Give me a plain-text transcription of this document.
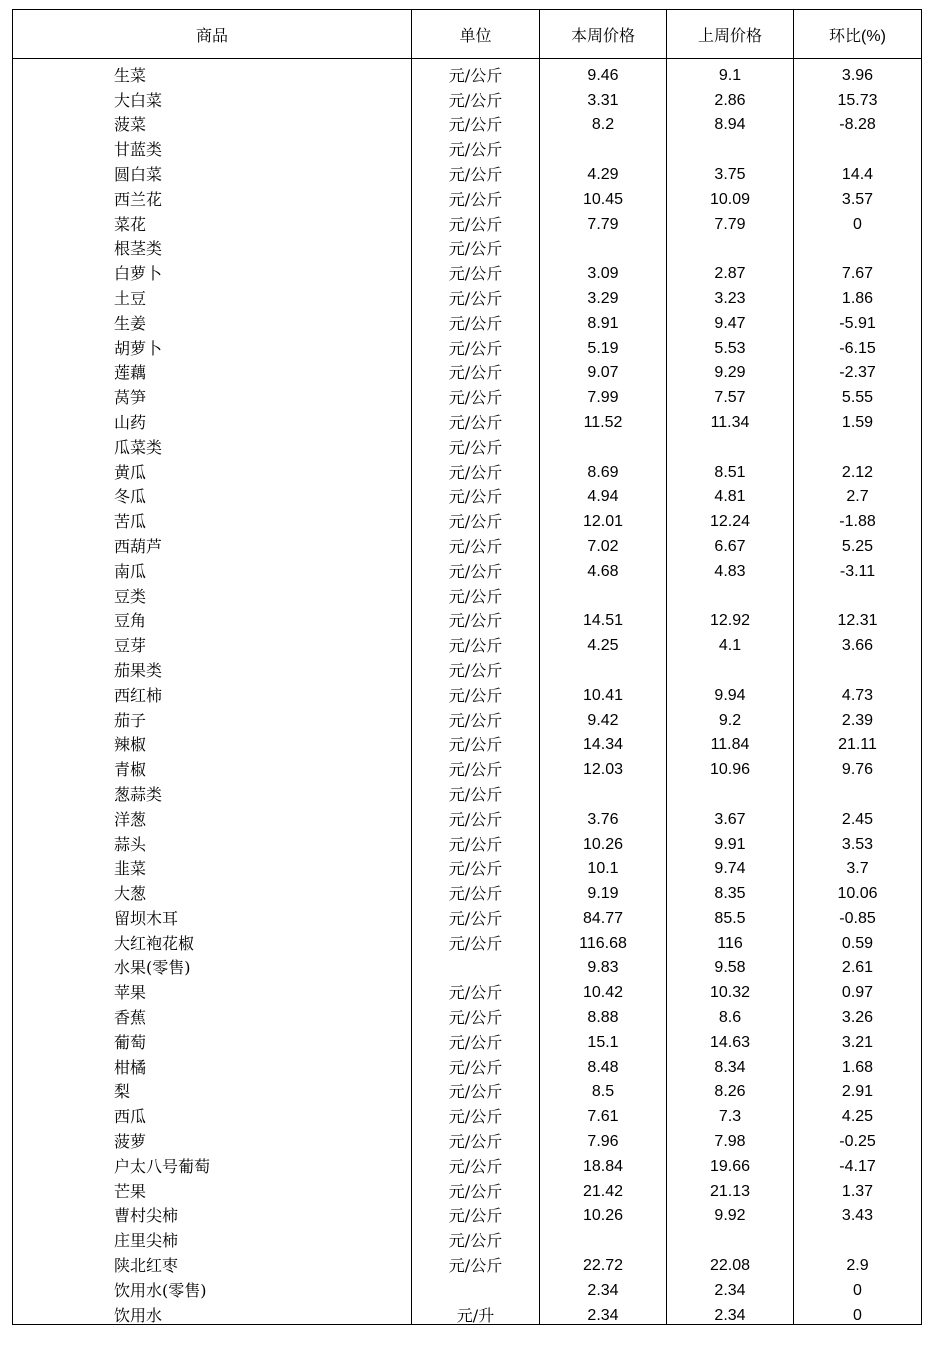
商品	单位	本周价格	上周价格	环比(%)
生菜	元/公斤	9.46	9.1	3.96
大白菜	元/公斤	3.31	2.86	15.73
菠菜	元/公斤	8.2	8.94	-8.28
甘蓝类	元/公斤			
圆白菜	元/公斤	4.29	3.75	14.4
西兰花	元/公斤	10.45	10.09	3.57
菜花	元/公斤	7.79	7.79	0
根茎类	元/公斤			
白萝卜	元/公斤	3.09	2.87	7.67
土豆	元/公斤	3.29	3.23	1.86
生姜	元/公斤	8.91	9.47	-5.91
胡萝卜	元/公斤	5.19	5.53	-6.15
莲藕	元/公斤	9.07	9.29	-2.37
莴笋	元/公斤	7.99	7.57	5.55
山药	元/公斤	11.52	11.34	1.59
瓜菜类	元/公斤			
黄瓜	元/公斤	8.69	8.51	2.12
冬瓜	元/公斤	4.94	4.81	2.7
苦瓜	元/公斤	12.01	12.24	-1.88
西葫芦	元/公斤	7.02	6.67	5.25
南瓜	元/公斤	4.68	4.83	-3.11
豆类	元/公斤			
豆角	元/公斤	14.51	12.92	12.31
豆芽	元/公斤	4.25	4.1	3.66
茄果类	元/公斤			
西红柿	元/公斤	10.41	9.94	4.73
茄子	元/公斤	9.42	9.2	2.39
辣椒	元/公斤	14.34	11.84	21.11
青椒	元/公斤	12.03	10.96	9.76
葱蒜类	元/公斤			
洋葱	元/公斤	3.76	3.67	2.45
蒜头	元/公斤	10.26	9.91	3.53
韭菜	元/公斤	10.1	9.74	3.7
大葱	元/公斤	9.19	8.35	10.06
留坝木耳	元/公斤	84.77	85.5	-0.85
大红袍花椒	元/公斤	116.68	116	0.59
水果(零售)		9.83	9.58	2.61
苹果	元/公斤	10.42	10.32	0.97
香蕉	元/公斤	8.88	8.6	3.26
葡萄	元/公斤	15.1	14.63	3.21
柑橘	元/公斤	8.48	8.34	1.68
梨	元/公斤	8.5	8.26	2.91
西瓜	元/公斤	7.61	7.3	4.25
菠萝	元/公斤	7.96	7.98	-0.25
户太八号葡萄	元/公斤	18.84	19.66	-4.17
芒果	元/公斤	21.42	21.13	1.37
曹村尖柿	元/公斤	10.26	9.92	3.43
庄里尖柿	元/公斤			
陕北红枣	元/公斤	22.72	22.08	2.9
饮用水(零售)		2.34	2.34	0
饮用水	元/升	2.34	2.34	0
